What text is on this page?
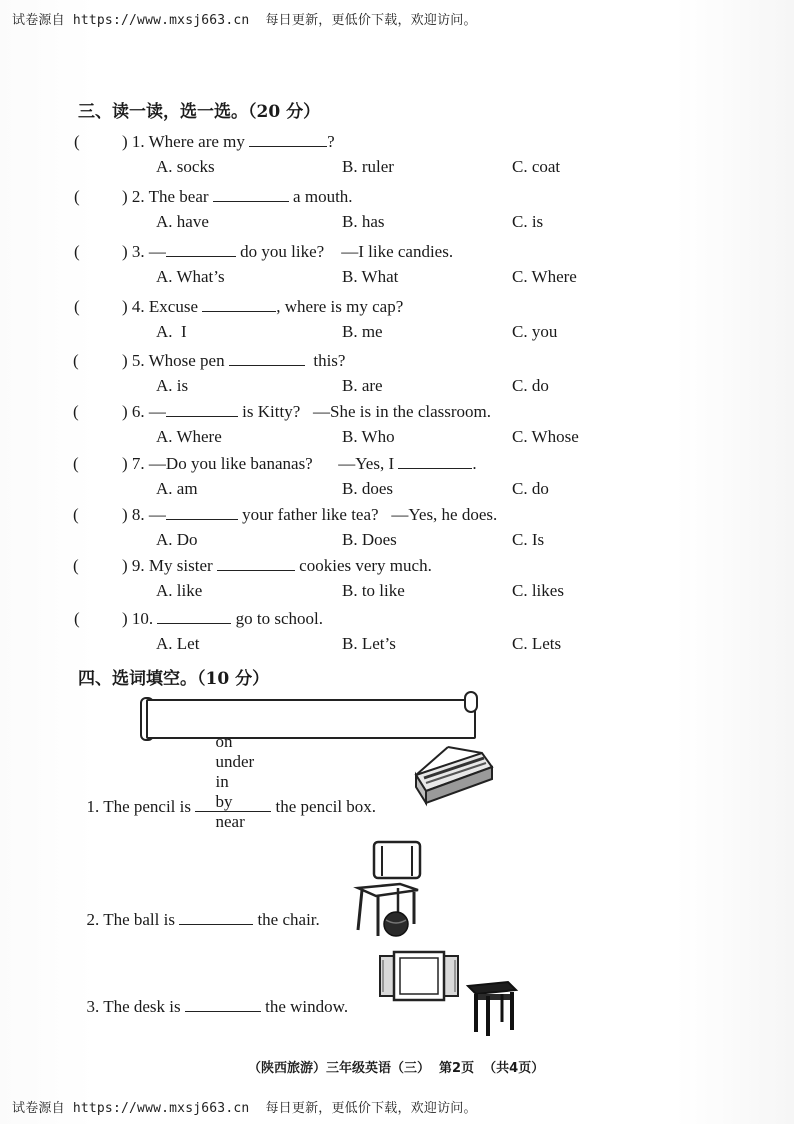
试卷源自 https://www.mxsj663.cn  每日更新，更低价下载，欢迎访问。
三、读一读，选一选。（20 分）
( ) 1. Where are my	?
A. socks	B. ruler	C. coat
( ) 2. The bear	a mouth.
A. have	B. has	C. is
( ) 3. —	do you like?    —I like candies.
A. What’s	B. What	C. Where
( ) 4. Excuse	, where is my cap?
A.  I	B. me	C. you
(	) 5. Whose pen	this?
A. is	B. are	C. do
(	) 6. —	is Kitty?   —She is in the classroom.
A. Where	B. Who	C. Whose
(	) 7. —Do you like bananas?      —Yes, I	.
A. am	B. does	C. do
(	) 8. —	your father like tea?   —Yes, he does.
A. Do	B. Does	C. Is
(	) 9. My sister	cookies very much.
A. like	B. to like	C. likes
( ) 10.	go to school.
A. Let	B. Let’s	C. Lets
四、选词填空。（10 分）

on
under
in
by
near

1. The pencil is	the pencil box.

2. The ball is	the chair.

3. The desk is	the window.

（陕西旅游）三年级英语（三）  第2页  （共4页）
试卷源自 https://www.mxsj663.cn  每日更新，更低价下载，欢迎访问。
